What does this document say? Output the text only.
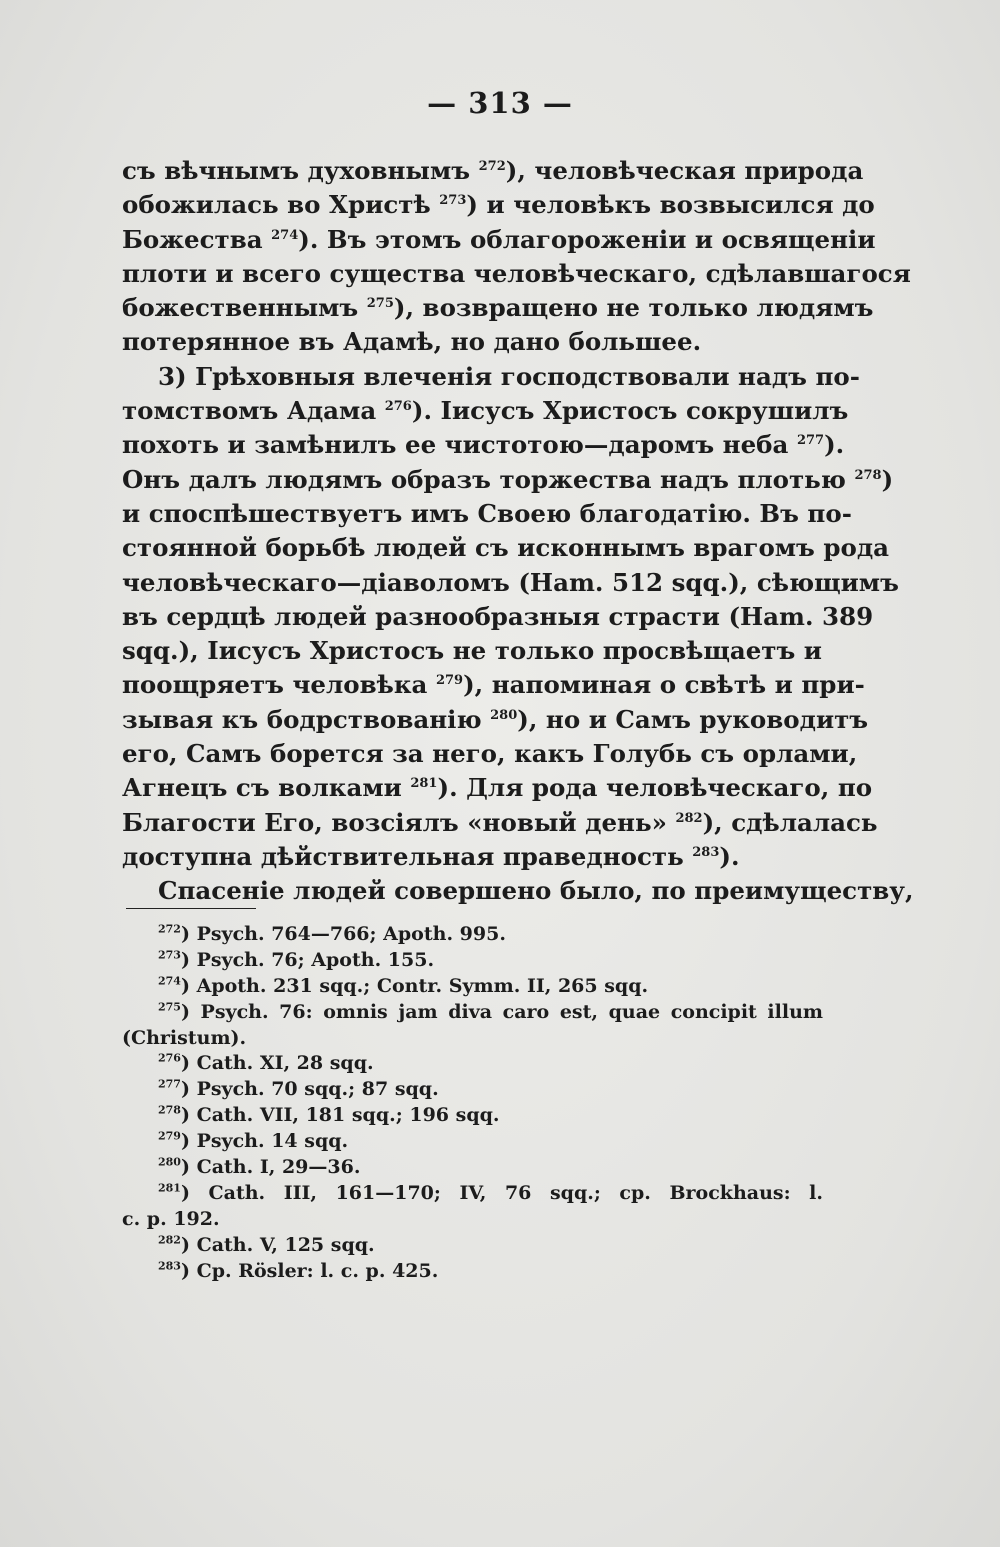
— 313 —
съ вѣчнымъ духовнымъ $^{272}$), человѣческая природа
обожилась во Христѣ $^{273}$) и человѣкъ возвысился до
Божества $^{274}$). Въ этомъ облагороженіи и освященіи
плоти и всего существа человѣческаго, сдѣлавшагося
божественнымъ $^{275}$), возвращено не только людямъ
потерянное въ Адамѣ, но дано большее.
3) Грѣховныя влеченія господствовали надъ по-
томствомъ Адама $^{276}$). Іисусъ Христосъ сокрушилъ
похоть и замѣнилъ ее чистотою—даромъ неба $^{277}$).
Онъ далъ людямъ образъ торжества надъ плотью $^{278}$)
и споспѣшествуетъ имъ Своею благодатію. Въ по-
стоянной борьбѣ людей съ исконнымъ врагомъ рода
человѣческаго—діаволомъ (Ham. 512 sqq.), сѣющимъ
въ сердцѣ людей разнообразныя страсти (Ham. 389
sqq.), Іисусъ Христосъ не только просвѣщаетъ и
поощряетъ человѣка $^{279}$), напоминая о свѣтѣ и при-
зывая къ бодрствованію $^{280}$), но и Самъ руководитъ
его, Самъ борется за него, какъ Голубь съ орлами,
Агнецъ съ волками $^{281}$). Для рода человѣческаго, по
Благости Его, возсіялъ «новый день» $^{282}$), сдѣлалась
доступна дѣйствительная праведность $^{283}$).
Спасеніе людей совершено было, по преимуществу,
$^{272}$) Psych. 764—766; Apoth. 995.
$^{273}$) Psych. 76; Apoth. 155.
$^{274}$) Apoth. 231 sqq.; Contr. Symm. II, 265 sqq.
$^{275}$) Psych. 76: omnis jam diva caro est, quae concipit illum
(Christum).
$^{276}$) Cath. XI, 28 sqq.
$^{277}$) Psych. 70 sqq.; 87 sqq.
$^{278}$) Cath. VII, 181 sqq.; 196 sqq.
$^{279}$) Psych. 14 sqq.
$^{280}$) Cath. I, 29—36.
$^{281}$) Cath. III, 161—170; IV, 76 sqq.; cp. Brockhaus: l.
c. p. 192.
$^{282}$) Cath. V, 125 sqq.
$^{283}$) Cp. Rösler: l. c. p. 425.
